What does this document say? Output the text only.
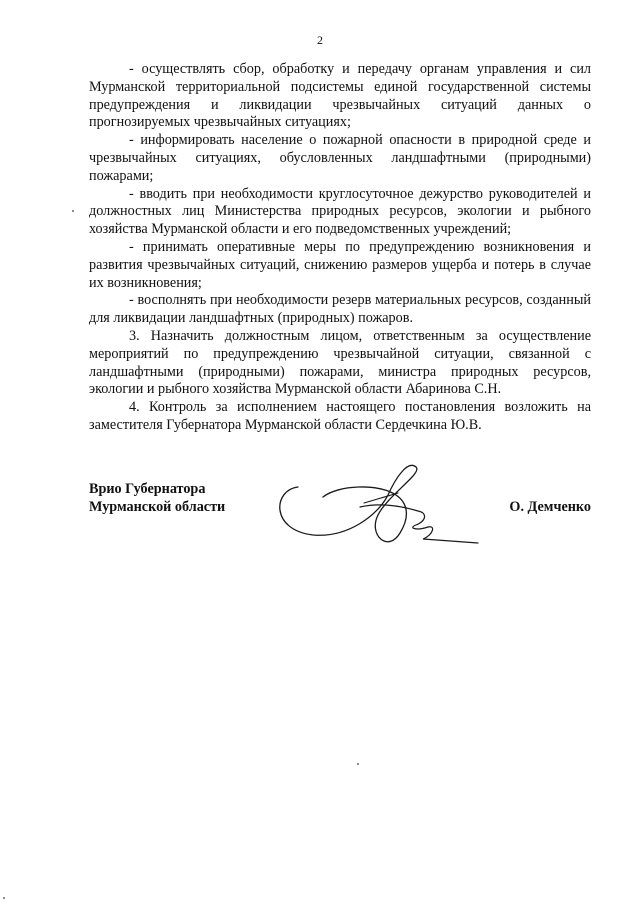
2

- осуществлять сбор, обработку и передачу органам управления и сил Мурманской территориальной подсистемы единой государственной системы предупреждения и ликвидации чрезвычайных ситуаций данных о прогнозируемых чрезвычайных ситуациях;

- информировать население о пожарной опасности в природной среде и чрезвычайных ситуациях, обусловленных ландшафтными (природными) пожарами;

- вводить при необходимости круглосуточное дежурство руководителей и должностных лиц Министерства природных ресурсов, экологии и рыбного хозяйства Мурманской области и его подведомственных учреждений;

- принимать оперативные меры по предупреждению возникновения и развития чрезвычайных ситуаций, снижению размеров ущерба и потерь в случае их возникновения;

- восполнять при необходимости резерв материальных ресурсов, созданный для ликвидации ландшафтных (природных) пожаров.

3. Назначить должностным лицом, ответственным за осуществление мероприятий по предупреждению чрезвычайной ситуации, связанной с ландшафтными (природными) пожарами, министра природных ресурсов, экологии и рыбного хозяйства Мурманской области Абаринова С.Н.

4. Контроль за исполнением настоящего постановления возложить на заместителя Губернатора Мурманской области Сердечкина Ю.В.

Врио Губернатора
Мурманской области	О. Демченко
